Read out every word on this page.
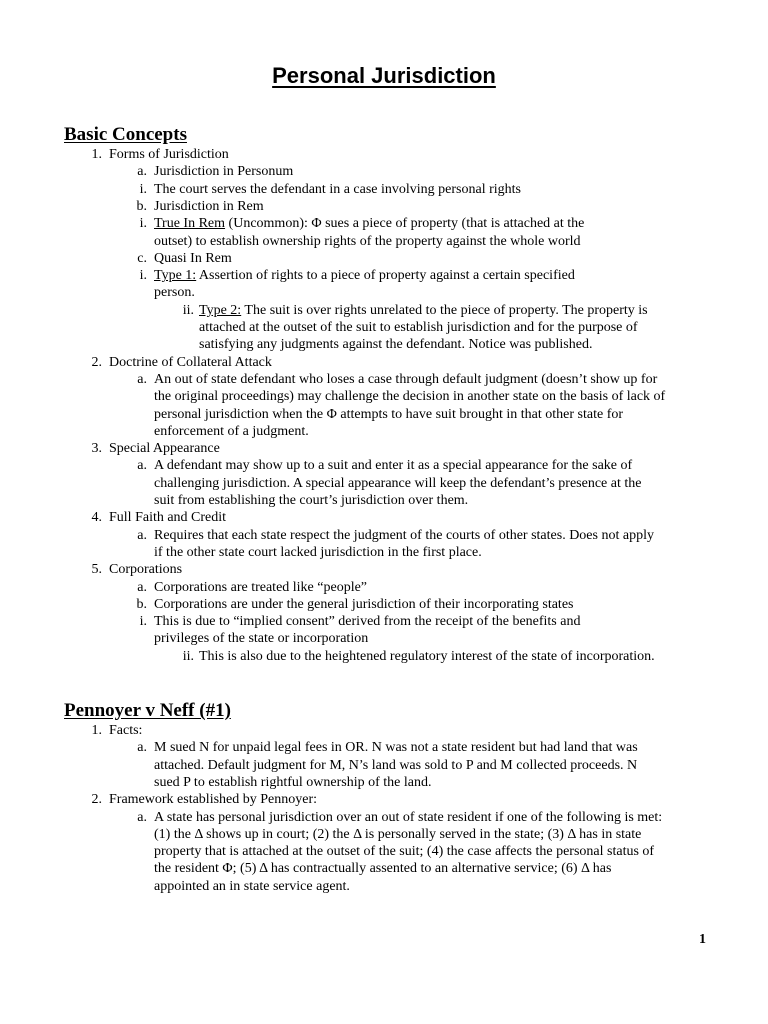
Personal Jurisdiction
Basic Concepts
1. Forms of Jurisdiction
a. Jurisdiction in Personum
i. The court serves the defendant in a case involving personal rights
b. Jurisdiction in Rem
i. True In Rem (Uncommon): Φ sues a piece of property (that is attached at the
outset) to establish ownership rights of the property against the whole world
c. Quasi In Rem
i. Type 1: Assertion of rights to a piece of property against a certain specified
person.
ii. Type 2: The suit is over rights unrelated to the piece of property. The property is
attached at the outset of the suit to establish jurisdiction and for the purpose of
satisfying any judgments against the defendant. Notice was published.
2. Doctrine of Collateral Attack
a. An out of state defendant who loses a case through default judgment (doesn’t show up for
the original proceedings) may challenge the decision in another state on the basis of lack of
personal jurisdiction when the Φ attempts to have suit brought in that other state for
enforcement of a judgment.
3. Special Appearance
a. A defendant may show up to a suit and enter it as a special appearance for the sake of
challenging jurisdiction. A special appearance will keep the defendant’s presence at the
suit from establishing the court’s jurisdiction over them.
4. Full Faith and Credit
a. Requires that each state respect the judgment of the courts of other states. Does not apply
if the other state court lacked jurisdiction in the first place.
5. Corporations
a. Corporations are treated like “people”
b. Corporations are under the general jurisdiction of their incorporating states
i. This is due to “implied consent” derived from the receipt of the benefits and
privileges of the state or incorporation
ii. This is also due to the heightened regulatory interest of the state of incorporation.
Pennoyer v Neff (#1)
1. Facts:
a. M sued N for unpaid legal fees in OR. N was not a state resident but had land that was
attached. Default judgment for M, N’s land was sold to P and M collected proceeds. N
sued P to establish rightful ownership of the land.
2. Framework established by Pennoyer:
a. A state has personal jurisdiction over an out of state resident if one of the following is met:
(1) the Δ shows up in court; (2) the Δ is personally served in the state; (3) Δ has in state
property that is attached at the outset of the suit; (4) the case affects the personal status of
the resident Φ; (5) Δ has contractually assented to an alternative service; (6) Δ has
appointed an in state service agent.
1
